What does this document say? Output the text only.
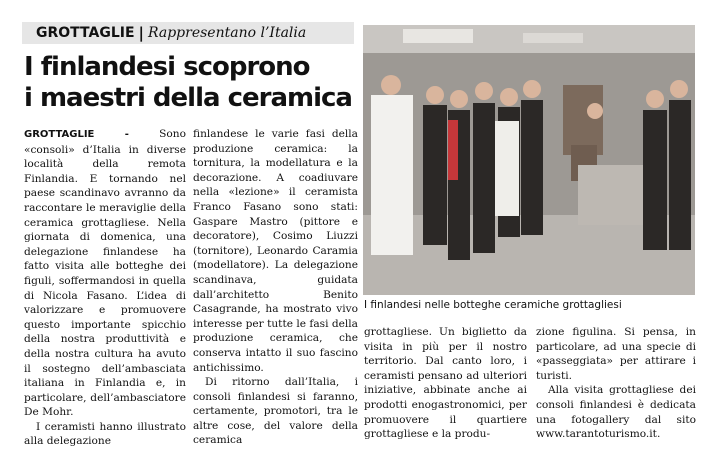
GROTTAGLIE | Rappresentano l’Italia
I finlandesi scoprono
i maestri della ceramica

GROTTAGLIE -	Sono «consoli» d’Italia in diverse località della remota Finlandia. E tornando nel paese scandinavo avranno da raccontare le meraviglie della ceramica grottagliese. Nella giornata di domenica, una delegazione finlandese ha fatto visita alle botteghe dei figuli, soffermandosi in quella di Nicola Fasano. L’idea di valorizzare e promuovere questo importante spicchio della nostra produttività e della nostra cultura ha avuto il sostegno dell’ambasciata italiana in Finlandia e, in particolare, dell’ambasciatore De Mohr.

I ceramisti hanno illustrato alla delegazione

finlandese le varie fasi della produzione ceramica: la tornitura, la modellatura e la decorazione. A coadiuvare nella «lezione» il ceramista Franco Fasano sono stati: Gaspare Mastro (pittore e decoratore), Cosimo Liuzzi (tornitore), Leonardo Caramia (modellatore). La delegazione scandinava, guidata dall’architetto Benito Casagrande, ha mostrato vivo interesse per tutte le fasi della produzione ceramica, che conserva intatto il suo fascino antichissimo.

Di ritorno dall’Italia, i consoli finlandesi si faranno, certamente, promotori, tra le altre cose, del valore della ceramica

I finlandesi nelle botteghe ceramiche grottagliesi

grottagliese. Un biglietto da visita in più per il nostro territorio. Dal canto loro, i ceramisti pensano ad ulteriori iniziative, abbinate anche ai prodotti enogastronomici, per promuovere il quartiere grottagliese e la produ-

zione figulina. Si pensa, in particolare, ad una specie di «passeggiata» per attirare i turisti.

Alla visita grottagliese dei consoli finlandesi è dedicata una fotogallery dal sito www.tarantoturismo.it.
